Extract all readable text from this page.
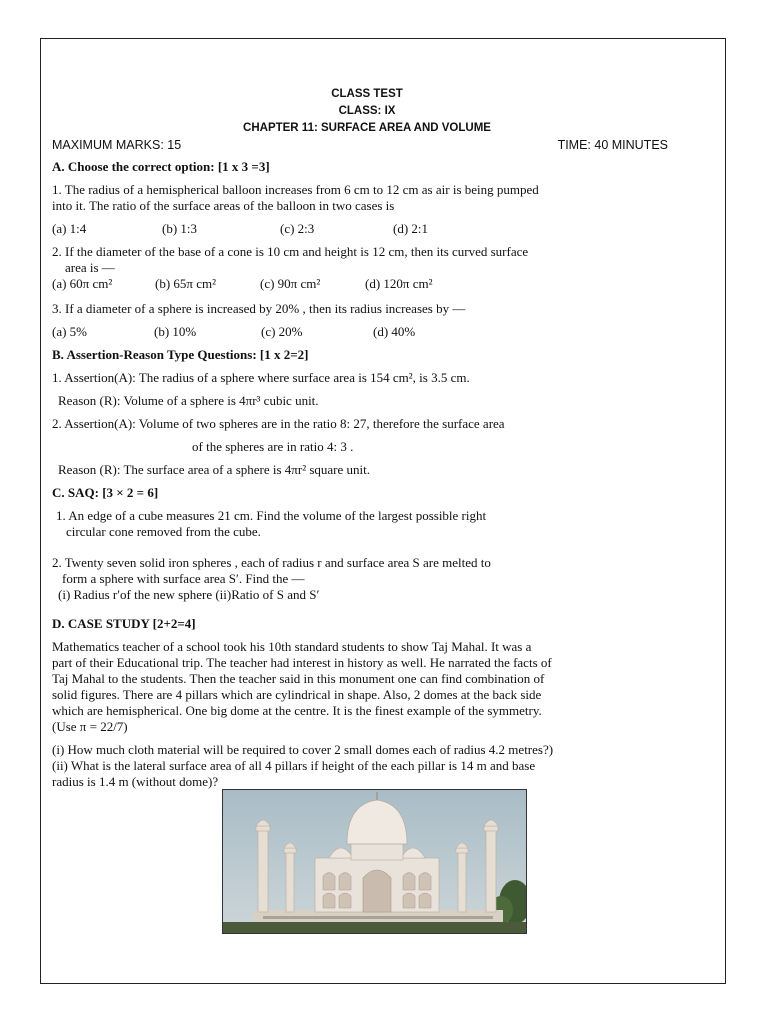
CLASS TEST
CLASS: IX
CHAPTER 11: SURFACE AREA AND VOLUME
MAXIMUM MARKS: 15	TIME: 40 MINUTES

A. Choose the correct option: [1 x 3 =3]

1. The radius of a hemispherical balloon increases from 6 cm to 12 cm as air is being pumped

into it. The ratio of the surface areas of the balloon in two cases is

(a) 1:4	(b) 1:3	(c) 2:3	(d) 2:1

2. If the diameter of the base of a cone is 10 cm and height is 12 cm, then its curved surface

area is —

(a) 60π cm²	(b) 65π cm²	(c) 90π cm²	(d) 120π cm²

3. If a diameter of a sphere is increased by 20% , then its radius increases by —

(a) 5%	(b) 10%	(c) 20%	(d) 40%

B. Assertion-Reason Type Questions: [1 x 2=2]

1. Assertion(A): The radius of a sphere where surface area is 154 cm², is 3.5 cm.

Reason (R): Volume of a sphere is 4πr³ cubic unit.

2. Assertion(A): Volume of two spheres are in the ratio 8: 27, therefore the surface area

of the spheres are in ratio 4: 3 .

Reason (R): The surface area of a sphere is 4πr² square unit.

C. SAQ: [3 × 2 = 6]

1. An edge of a cube measures 21 cm. Find the volume of the largest possible right

circular cone removed from the cube.

2. Twenty seven solid iron spheres , each of radius r and surface area S are melted to

form a sphere with surface area S′. Find the —

(i) Radius r′of the new sphere (ii)Ratio of S and S′

D. CASE STUDY [2+2=4]

Mathematics teacher of a school took his 10th standard students to show Taj Mahal. It was a

part of their Educational trip. The teacher had interest in history as well. He narrated the facts of

Taj Mahal to the students. Then the teacher said in this monument one can find combination of

solid figures. There are 4 pillars which are cylindrical in shape. Also, 2 domes at the back side

which are hemispherical. One big dome at the centre. It is the finest example of the symmetry.

(Use π = 22/7)

(i) How much cloth material will be required to cover 2 small domes each of radius 4.2 metres?)

(ii) What is the lateral surface area of all 4 pillars if height of the each pillar is 14 m and base

radius is 1.4 m (without dome)?
